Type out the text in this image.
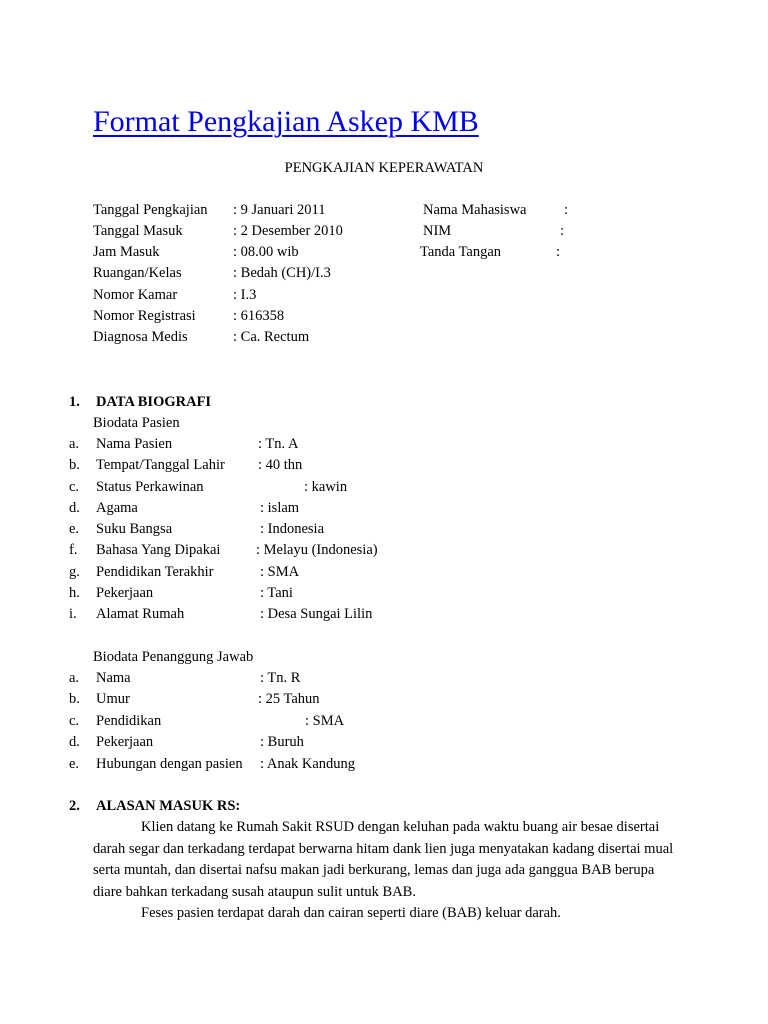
Format Pengkajian Askep KMB
PENGKAJIAN KEPERAWATAN
Tanggal Pengkajian : 9 Januari 2011
Tanggal Masuk	: 2 Desember 2010
Jam Masuk	: 08.00 wib
Ruangan/Kelas	: Bedah (CH)/I.3
Nomor Kamar	: I.3
Nomor Registrasi	: 616358
Diagnosa Medis	: Ca. Rectum
Nama Mahasiswa	:
NIM	:
Tanda Tangan	:
1. DATA BIOGRAFI
Biodata Pasien
a. Nama Pasien	: Tn. A
b. Tempat/Tanggal Lahir : 40 thn
c. Status Perkawinan	: kawin
d. Agama	: islam
e. Suku Bangsa	: Indonesia
f. Bahasa Yang Dipakai : Melayu (Indonesia)
g. Pendidikan Terakhir	: SMA
h. Pekerjaan	: Tani
i. Alamat Rumah	: Desa Sungai Lilin
Biodata Penanggung Jawab
a. Nama	: Tn. R
b. Umur	: 25 Tahun
c. Pendidikan	: SMA
d. Pekerjaan	: Buruh
e. Hubungan dengan pasien : Anak Kandung
2. ALASAN MASUK RS:

Klien datang ke Rumah Sakit RSUD dengan keluhan pada waktu buang air besae disertai darah segar dan terkadang terdapat berwarna hitam dank lien juga menyatakan kadang disertai mual serta muntah, dan disertai nafsu makan jadi berkurang, lemas dan juga ada ganggua BAB berupa diare bahkan terkadang susah ataupun sulit untuk BAB.

Feses pasien terdapat darah dan cairan seperti diare (BAB) keluar darah.
